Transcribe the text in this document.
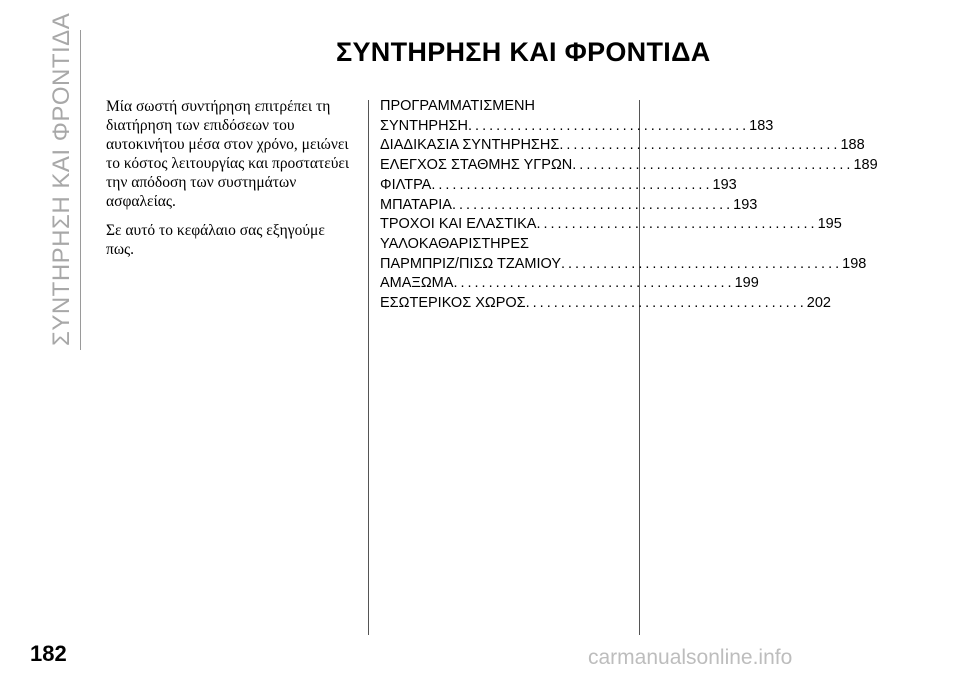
ΣΥΝΤΗΡΗΣΗ ΚΑΙ ΦΡΟΝΤΙΔΑ	ΣΥΝΤΗΡΗΣΗ ΚΑΙ ΦΡΟΝΤΙΔΑ

Μία σωστή συντήρηση επιτρέπει τη διατήρηση των επιδόσεων του αυτοκινήτου μέσα στον χρόνο, μειώνει το κόστος λειτουργίας και προστατεύει την απόδοση των συστημάτων ασφαλείας.

Σε αυτό το κεφάλαιο σας εξηγούμε πως.

ΠΡΟΓΡΑΜΜΑΤΙΣΜΕΝΗ
ΣΥΝΤΗΡΗΣΗ ........................................ 183
ΔΙΑΔΙΚΑΣΙΑ ΣΥΝΤΗΡΗΣΗΣ ........................................ 188
ΕΛΕΓΧΟΣ ΣΤΑΘΜΗΣ ΥΓΡΩΝ ........................................ 189
ΦΙΛΤΡΑ ........................................ 193
ΜΠΑΤΑΡΙΑ ........................................ 193
ΤΡΟΧΟΙ ΚΑΙ ΕΛΑΣΤΙΚΑ ........................................ 195
ΥΑΛΟΚΑΘΑΡΙΣΤΗΡΕΣ
ΠΑΡΜΠΡΙΖ/ΠΙΣΩ ΤΖΑΜΙΟΥ ........................................ 198
ΑΜΑΞΩΜΑ ........................................ 199
ΕΣΩΤΕΡΙΚΟΣ ΧΩΡΟΣ ........................................ 202
182	carmanualsonline.info
